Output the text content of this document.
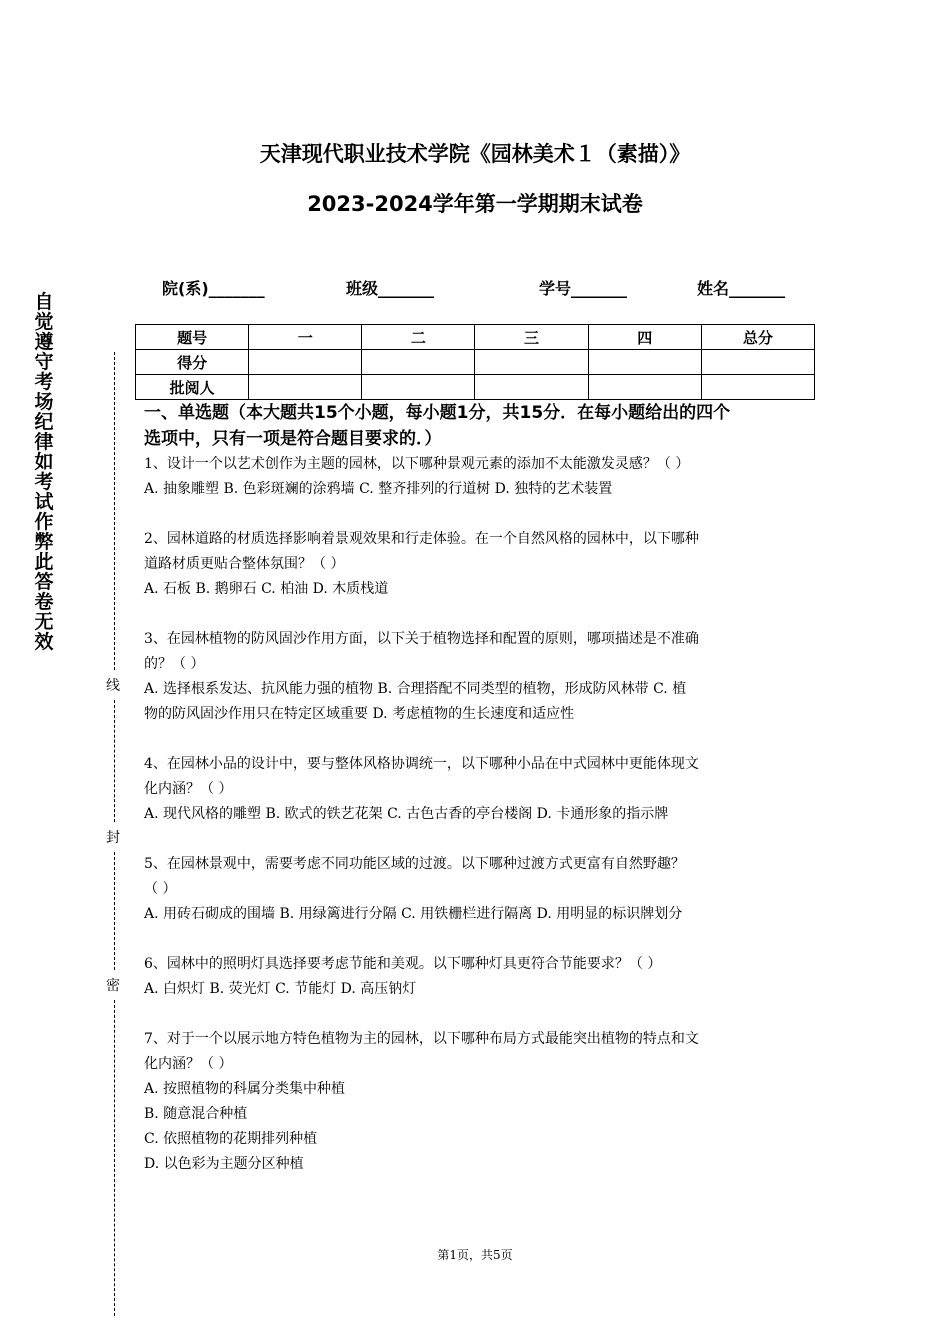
天津现代职业技术学院《园林美术１（素描）》
2023-2024学年第一学期期末试卷
院(系)_______	班级_______	学号_______	姓名_______
题号	一	二	三	四	总分
得分					
批阅人					
自觉遵守考场纪律如考试作弊此答卷无效
线
封
密

一、单选题（本大题共15个小题，每小题1分，共15分．在每小题给出的四个

选项中，只有一项是符合题目要求的．）

1、设计一个以艺术创作为主题的园林，以下哪种景观元素的添加不太能激发灵感？（ ）

A. 抽象雕塑 B. 色彩斑斓的涂鸦墙 C. 整齐排列的行道树 D. 独特的艺术装置

2、园林道路的材质选择影响着景观效果和行走体验。在一个自然风格的园林中，以下哪种

道路材质更贴合整体氛围？（ ）

A. 石板 B. 鹅卵石 C. 柏油 D. 木质栈道

3、在园林植物的防风固沙作用方面，以下关于植物选择和配置的原则，哪项描述是不准确

的？（ ）

A. 选择根系发达、抗风能力强的植物 B. 合理搭配不同类型的植物，形成防风林带 C. 植

物的防风固沙作用只在特定区域重要 D. 考虑植物的生长速度和适应性

4、在园林小品的设计中，要与整体风格协调统一，以下哪种小品在中式园林中更能体现文

化内涵？（ ）

A. 现代风格的雕塑 B. 欧式的铁艺花架 C. 古色古香的亭台楼阁 D. 卡通形象的指示牌

5、在园林景观中，需要考虑不同功能区域的过渡。以下哪种过渡方式更富有自然野趣？

（ ）

A. 用砖石砌成的围墙 B. 用绿篱进行分隔 C. 用铁栅栏进行隔离 D. 用明显的标识牌划分

6、园林中的照明灯具选择要考虑节能和美观。以下哪种灯具更符合节能要求？（ ）

A. 白炽灯 B. 荧光灯 C. 节能灯 D. 高压钠灯

7、对于一个以展示地方特色植物为主的园林，以下哪种布局方式最能突出植物的特点和文

化内涵？（ ）

A. 按照植物的科属分类集中种植

B. 随意混合种植

C. 依照植物的花期排列种植

D. 以色彩为主题分区种植

第1页，共5页
